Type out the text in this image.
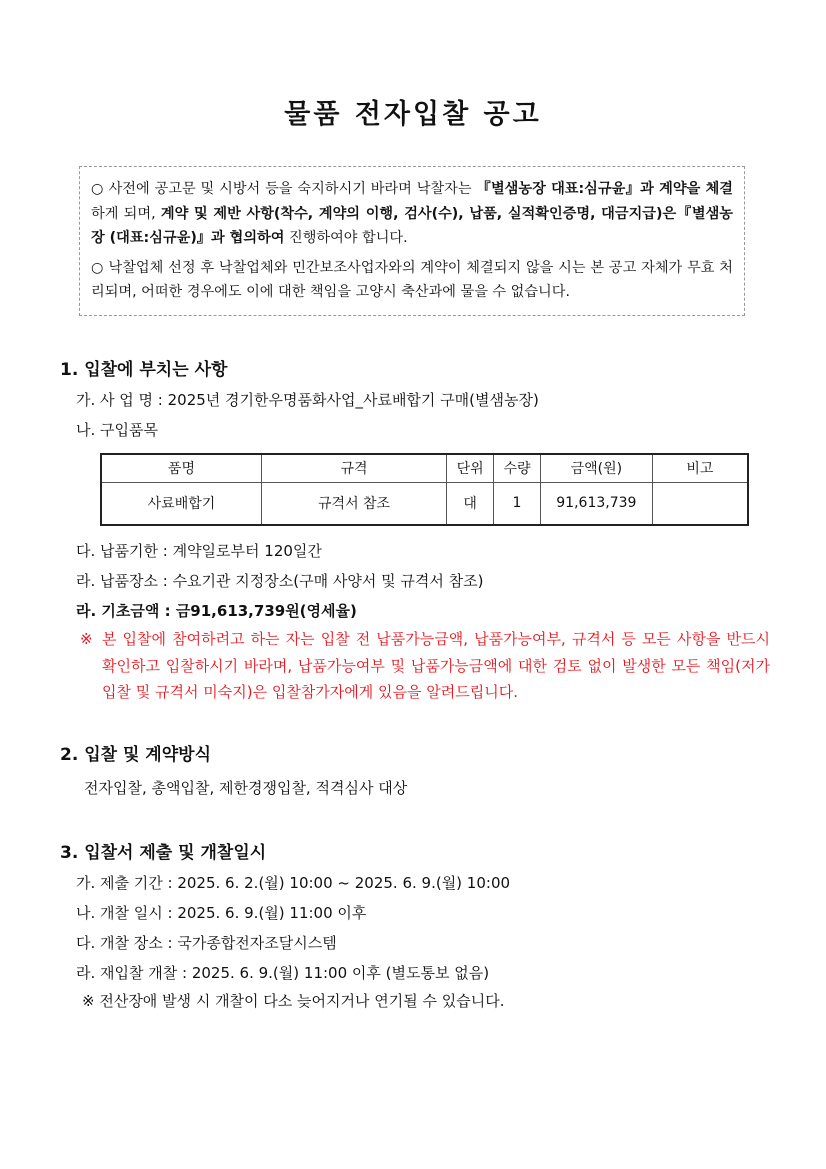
물품 전자입찰 공고

○ 사전에 공고문 및 시방서 등을 숙지하시기 바라며 낙찰자는 『별샘농장 대표:심규윤』과 계약을 체결하게 되며, 계약 및 제반 사항(착수, 계약의 이행, 검사(수), 납품, 실적확인증명, 대금지급)은『별샘농장 (대표:심규윤)』과 협의하여 진행하여야 합니다.

○ 낙찰업체 선정 후 낙찰업체와 민간보조사업자와의 계약이 체결되지 않을 시는 본 공고 자체가 무효 처리되며, 어떠한 경우에도 이에 대한 책임을 고양시 축산과에 물을 수 없습니다.

1. 입찰에 부치는 사항
가. 사 업 명 : 2025년 경기한우명품화사업_사료배합기 구매(별샘농장)
나. 구입품목
품명	규격	단위	수량	금액(원)	비고
사료배합기	규격서 참조	대	1	91,613,739	
다. 납품기한 : 계약일로부터 120일간
라. 납품장소 : 수요기관 지정장소(구매 사양서 및 규격서 참조)
라. 기초금액 : 금91,613,739원(영세율)
※ 본 입찰에 참여하려고 하는 자는 입찰 전 납품가능금액, 납품가능여부, 규격서 등 모든 사항을 반드시 확인하고 입찰하시기 바라며, 납품가능여부 및 납품가능금액에 대한 검토 없이 발생한 모든 책임(저가 입찰 및 규격서 미숙지)은 입찰참가자에게 있음을 알려드립니다.
2. 입찰 및 계약방식
전자입찰, 총액입찰, 제한경쟁입찰, 적격심사 대상
3. 입찰서 제출 및 개찰일시
가. 제출 기간 : 2025. 6. 2.(월) 10:00 ~ 2025. 6. 9.(월) 10:00
나. 개찰 일시 : 2025. 6. 9.(월) 11:00 이후
다. 개찰 장소 : 국가종합전자조달시스템
라. 재입찰 개찰 : 2025. 6. 9.(월) 11:00 이후 (별도통보 없음)
※ 전산장애 발생 시 개찰이 다소 늦어지거나 연기될 수 있습니다.
